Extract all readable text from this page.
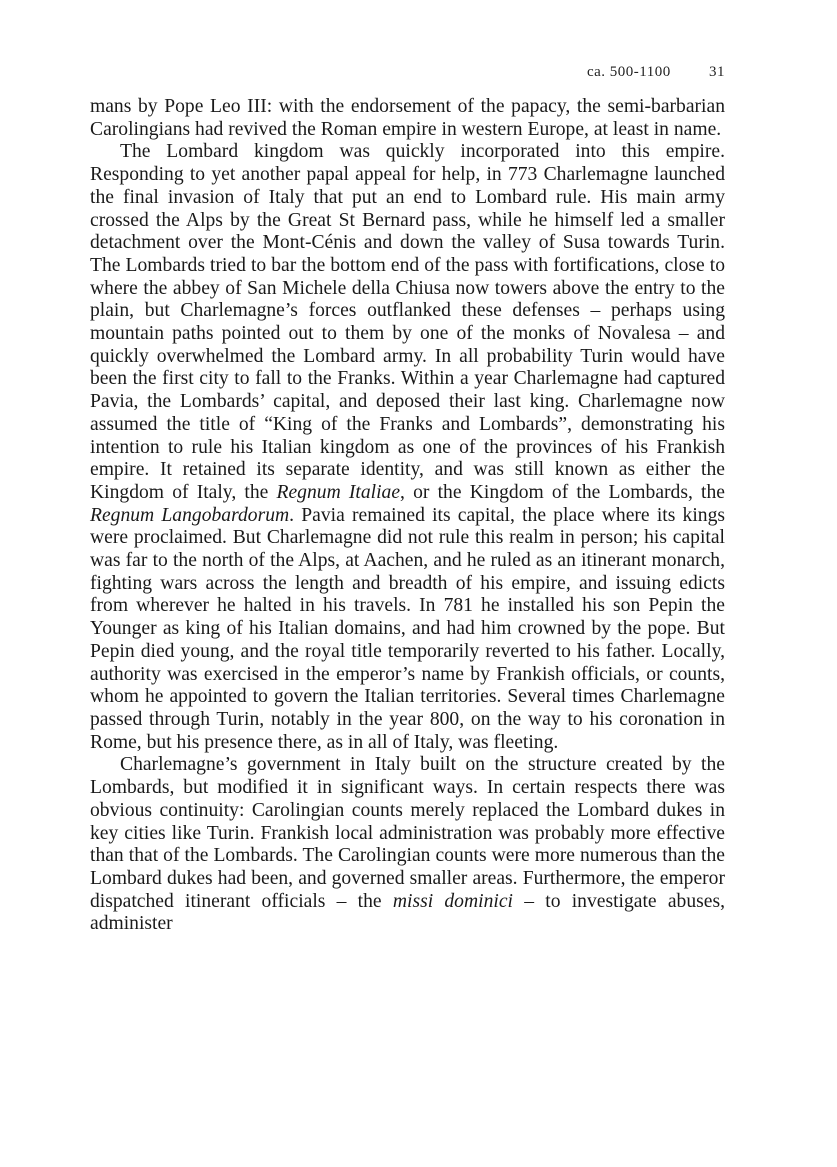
ca. 500-1100	31

mans by Pope Leo III: with the endorsement of the papacy, the semi-barbarian Carolingians had revived the Roman empire in western Europe, at least in name.

The Lombard kingdom was quickly incorporated into this empire. Responding to yet another papal appeal for help, in 773 Charlemagne launched the final invasion of Italy that put an end to Lombard rule. His main army crossed the Alps by the Great St Bernard pass, while he himself led a smaller detachment over the Mont-Cénis and down the valley of Susa towards Turin. The Lombards tried to bar the bottom end of the pass with fortifications, close to where the abbey of San Michele della Chiusa now towers above the entry to the plain, but Charlemagne’s forces outflanked these defenses – perhaps using mountain paths pointed out to them by one of the monks of Novalesa – and quickly overwhelmed the Lombard army. In all probability Turin would have been the first city to fall to the Franks. Within a year Charlemagne had captured Pavia, the Lombards’ capital, and deposed their last king. Charlemagne now assumed the title of “King of the Franks and Lombards”, demonstrating his intention to rule his Italian kingdom as one of the provinces of his Frankish empire. It retained its separate identity, and was still known as either the Kingdom of Italy, the Regnum Italiae, or the Kingdom of the Lombards, the Regnum Langobardorum. Pavia remained its capital, the place where its kings were proclaimed. But Charlemagne did not rule this realm in person; his capital was far to the north of the Alps, at Aachen, and he ruled as an itinerant monarch, fighting wars across the length and breadth of his empire, and issuing edicts from wherever he halted in his travels. In 781 he installed his son Pepin the Younger as king of his Italian domains, and had him crowned by the pope. But Pepin died young, and the royal title temporarily reverted to his father. Locally, authority was exercised in the emperor’s name by Frankish officials, or counts, whom he appointed to govern the Italian territories. Several times Charlemagne passed through Turin, notably in the year 800, on the way to his coronation in Rome, but his presence there, as in all of Italy, was fleeting.

Charlemagne’s government in Italy built on the structure created by the Lombards, but modified it in significant ways. In certain respects there was obvious continuity: Carolingian counts merely replaced the Lombard dukes in key cities like Turin. Frankish local administration was probably more effective than that of the Lombards. The Carolingian counts were more numerous than the Lombard dukes had been, and governed smaller areas. Furthermore, the emperor dispatched itinerant officials – the missi dominici – to investigate abuses, administer
